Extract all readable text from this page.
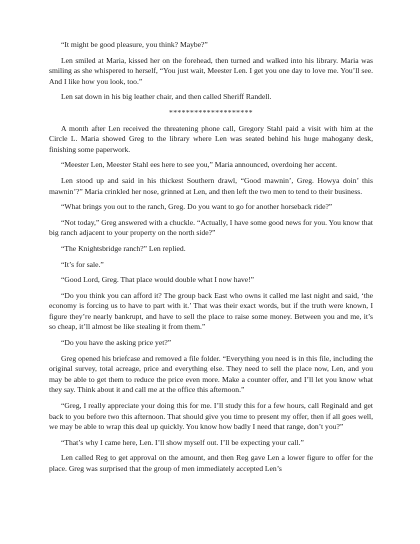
“It might be good pleasure, you think? Maybe?”

Len smiled at Maria, kissed her on the forehead, then turned and walked into his library. Maria was smiling as she whispered to herself, “You just wait, Meester Len. I get you one day to love me. You’ll see. And I like how you look, too.”

Len sat down in his big leather chair, and then called Sheriff Randell.

********************

A month after Len received the threatening phone call, Gregory Stahl paid a visit with him at the Circle L. Maria showed Greg to the library where Len was seated behind his huge mahogany desk, finishing some paperwork.

“Meester Len, Meester Stahl ees here to see you,” Maria announced, overdoing her accent.

Len stood up and said in his thickest Southern drawl, “Good mawnin’, Greg. Howya doin’ this mawnin’?” Maria crinkled her nose, grinned at Len, and then left the two men to tend to their business.

“What brings you out to the ranch, Greg. Do you want to go for another horseback ride?”

“Not today,” Greg answered with a chuckle. “Actually, I have some good news for you. You know that big ranch adjacent to your property on the north side?”

“The Knightsbridge ranch?” Len replied.

“It’s for sale.”

“Good Lord, Greg. That place would double what I now have!”

“Do you think you can afford it? The group back East who owns it called me last night and said, ‘the economy is forcing us to have to part with it.’ That was their exact words, but if the truth were known, I figure they’re nearly bankrupt, and have to sell the place to raise some money. Between you and me, it’s so cheap, it’ll almost be like stealing it from them.”

“Do you have the asking price yet?”

Greg opened his briefcase and removed a file folder. “Everything you need is in this file, including the original survey, total acreage, price and everything else. They need to sell the place now, Len, and you may be able to get them to reduce the price even more. Make a counter offer, and I’ll let you know what they say. Think about it and call me at the office this afternoon.”

“Greg, I really appreciate your doing this for me. I’ll study this for a few hours, call Reginald and get back to you before two this afternoon. That should give you time to present my offer, then if all goes well, we may be able to wrap this deal up quickly. You know how badly I need that range, don’t you?”

“That’s why I came here, Len. I’ll show myself out. I’ll be expecting your call.”

Len called Reg to get approval on the amount, and then Reg gave Len a lower figure to offer for the place. Greg was surprised that the group of men immediately accepted Len’s
